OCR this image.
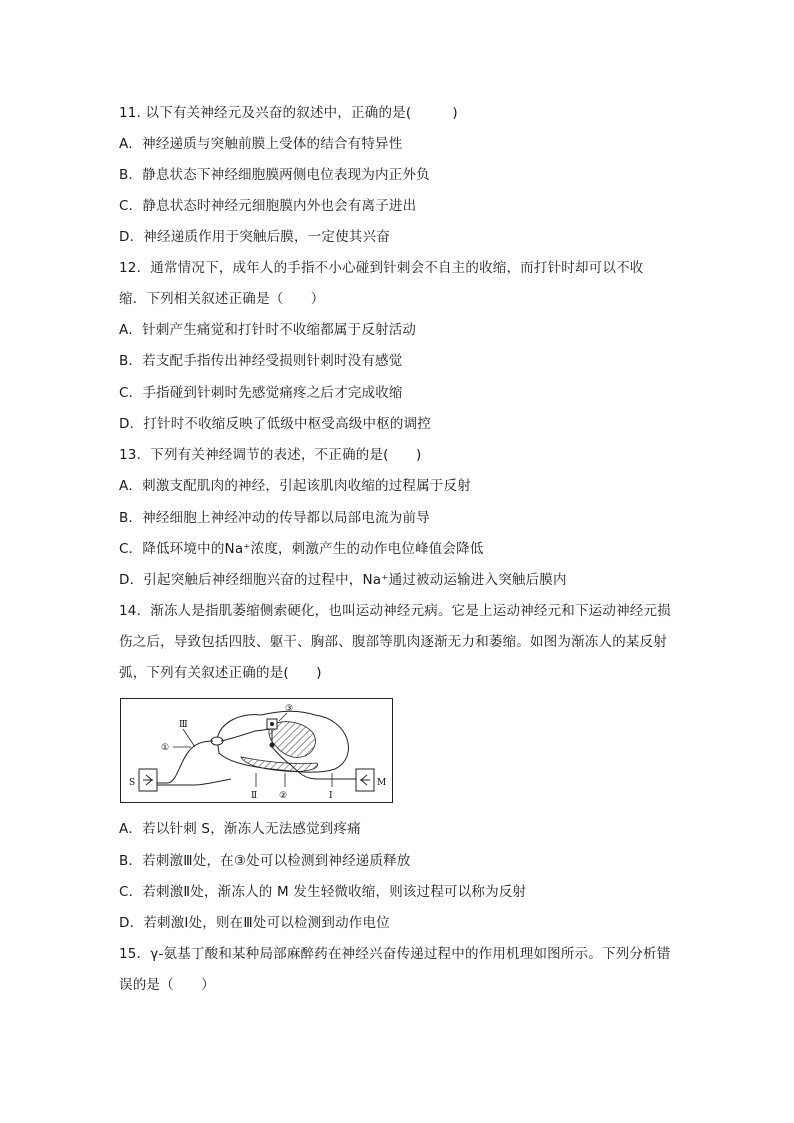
11. 以下有关神经元及兴奋的叙述中，正确的是(　　　)
A．神经递质与突触前膜上受体的结合有特异性
B．静息状态下神经细胞膜两侧电位表现为内正外负
C．静息状态时神经元细胞膜内外也会有离子进出
D．神经递质作用于突触后膜，一定使其兴奋
12．通常情况下，成年人的手指不小心碰到针刺会不自主的收缩，而打针时却可以不收
缩．下列相关叙述正确是（　　）
A．针刺产生痛觉和打针时不收缩都属于反射活动
B．若支配手指传出神经受损则针刺时没有感觉
C．手指碰到针刺时先感觉痛疼之后才完成收缩
D．打针时不收缩反映了低级中枢受高级中枢的调控
13．下列有关神经调节的表述，不正确的是(　　)
A．刺激支配肌肉的神经，引起该肌肉收缩的过程属于反射
B．神经细胞上神经冲动的传导都以局部电流为前导
C．降低环境中的Na⁺浓度，刺激产生的动作电位峰值会降低
D．引起突触后神经细胞兴奋的过程中，Na⁺通过被动运输进入突触后膜内
14．渐冻人是指肌萎缩侧索硬化，也叫运动神经元病。它是上运动神经元和下运动神经元损
伤之后，导致包括四肢、躯干、胸部、腹部等肌肉逐渐无力和萎缩。如图为渐冻人的某反射
弧，下列有关叙述正确的是(　　)
S	M
Ⅲ
①
③
Ⅱ ②	Ⅰ
A．若以针刺 S，渐冻人无法感觉到疼痛
B．若刺激Ⅲ处，在③处可以检测到神经递质释放
C．若刺激Ⅱ处，渐冻人的 M 发生轻微收缩，则该过程可以称为反射
D．若刺激Ⅰ处，则在Ⅲ处可以检测到动作电位
15．γ-氨基丁酸和某种局部麻醉药在神经兴奋传递过程中的作用机理如图所示。下列分析错
误的是（　　）
